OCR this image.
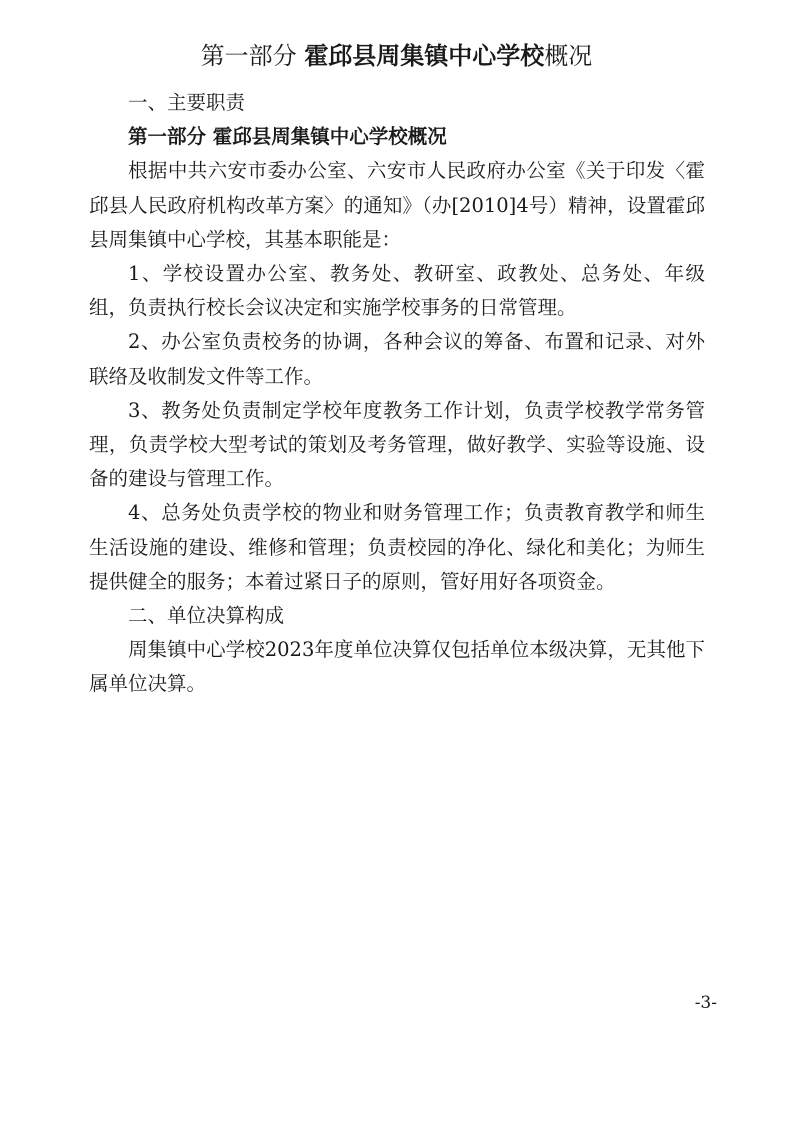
第一部分 霍邱县周集镇中心学校概况

一、主要职责

第一部分 霍邱县周集镇中心学校概况

根据中共六安市委办公室、六安市人民政府办公室《关于印发〈霍邱县人民政府机构改革方案〉的通知》（办[2010]4号）精神，设置霍邱县周集镇中心学校，其基本职能是：

1、学校设置办公室、教务处、教研室、政教处、总务处、年级组，负责执行校长会议决定和实施学校事务的日常管理。

2、办公室负责校务的协调，各种会议的筹备、布置和记录、对外联络及收制发文件等工作。

3、教务处负责制定学校年度教务工作计划，负责学校教学常务管理，负责学校大型考试的策划及考务管理，做好教学、实验等设施、设备的建设与管理工作。

4、总务处负责学校的物业和财务管理工作；负责教育教学和师生生活设施的建设、维修和管理；负责校园的净化、绿化和美化；为师生提供健全的服务；本着过紧日子的原则，管好用好各项资金。

二、单位决算构成

周集镇中心学校2023年度单位决算仅包括单位本级决算，无其他下属单位决算。

-3-
